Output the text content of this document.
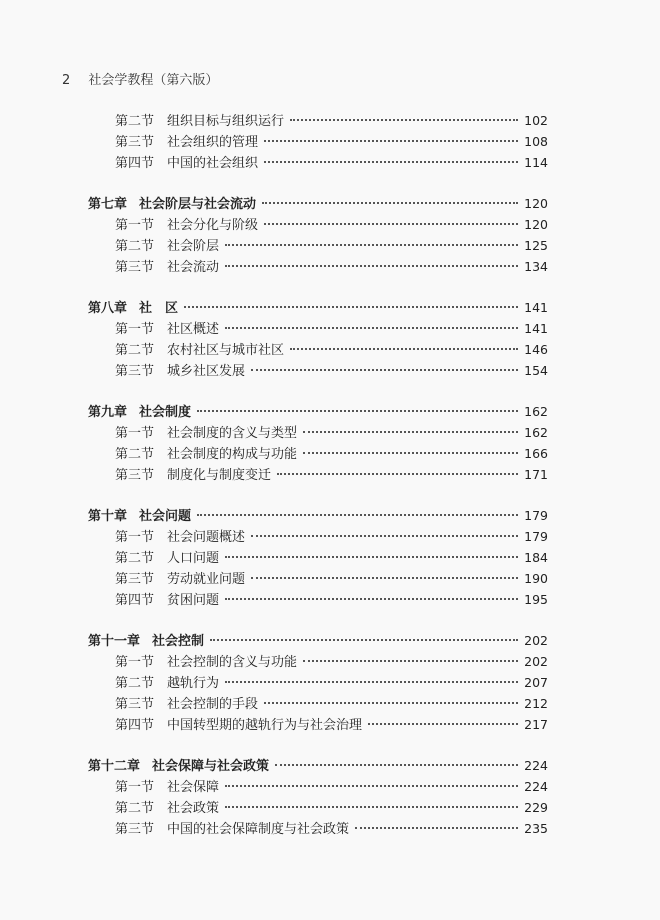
2 社会学教程（第六版）
第二节 组织目标与组织运行	102
第三节 社会组织的管理	108
第四节 中国的社会组织	114
第七章 社会阶层与社会流动	120
第一节 社会分化与阶级	120
第二节 社会阶层	125
第三节 社会流动	134
第八章 社　区	141
第一节 社区概述	141
第二节 农村社区与城市社区	146
第三节 城乡社区发展	154
第九章 社会制度	162
第一节 社会制度的含义与类型	162
第二节 社会制度的构成与功能	166
第三节 制度化与制度变迁	171
第十章 社会问题	179
第一节 社会问题概述	179
第二节 人口问题	184
第三节 劳动就业问题	190
第四节 贫困问题	195
第十一章 社会控制	202
第一节 社会控制的含义与功能	202
第二节 越轨行为	207
第三节 社会控制的手段	212
第四节 中国转型期的越轨行为与社会治理	217
第十二章 社会保障与社会政策	224
第一节 社会保障	224
第二节 社会政策	229
第三节 中国的社会保障制度与社会政策	235
